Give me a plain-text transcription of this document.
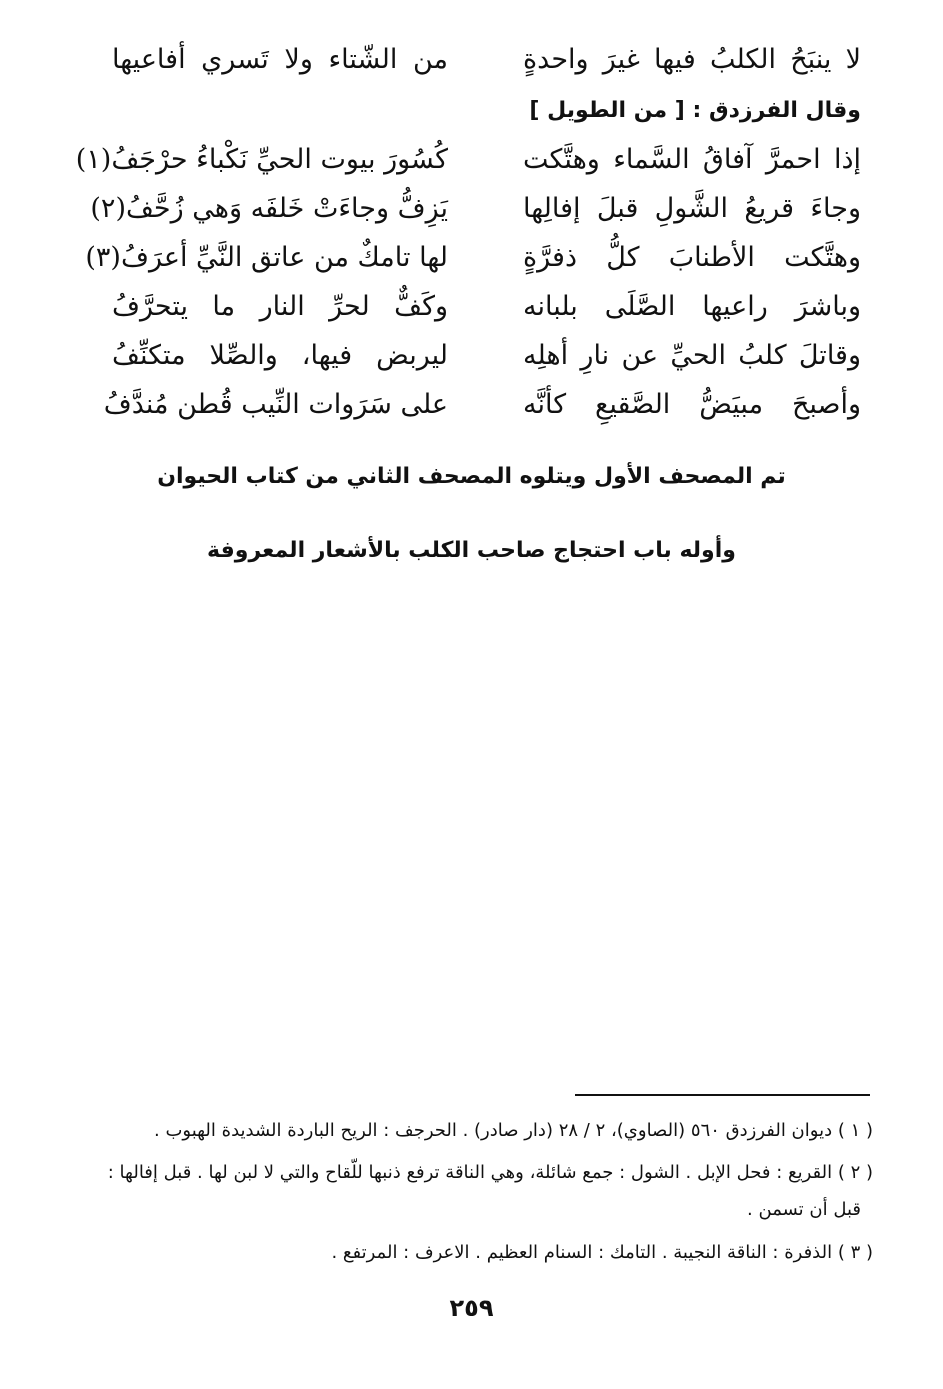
لا ينبَحُ الكلبُ فيها غيرَ واحدةٍ
من الشّتاء ولا تَسري أفاعيها
وقال الفرزدق : [ من الطويل ]
إذا احمرَّ آفاقُ السَّماء وهتَّكت
كُسُورَ بيوت الحيِّ نَكْباءُ حرْجَفُ(١)
وجاءَ قريعُ الشَّولِ قبلَ إفالِها
يَزِفُّ وجاءَتْ خَلفَه وَهي زُحَّفُ(٢)
وهتَّكت الأطنابَ كلُّ ذفرَّةٍ
لها تامكٌ من عاتق النَّيِّ أعرَفُ(٣)
وباشرَ راعيها الصَّلَى بلبانه
وكَفٌّ لحرِّ النار ما يتحرَّفُ
وقاتلَ كلبُ الحيِّ عن نارِ أهلِه
ليربض فيها، والصِّلا متكنِّفُ
وأصبحَ مبيَضُّ الصَّقيعِ كأنَّه
على سَرَوات النِّيب قُطن مُندَّفُ
تم المصحف الأول ويتلوه المصحف الثاني من كتاب الحيوان
وأوله باب احتجاج صاحب الكلب بالأشعار المعروفة
( ١ ) ديوان الفرزدق ٥٦٠ (الصاوي)، ٢ / ٢٨ (دار صادر) . الحرجف : الريح الباردة الشديدة الهبوب .
( ٢ ) القريع : فحل الإبل . الشول : جمع شائلة، وهي الناقة ترفع ذنبها للّقاح والتي لا لبن لها . قبل إفالها :
قبل أن تسمن .
( ٣ ) الذفرة : الناقة النجيبة . التامك : السنام العظيم . الاعرف : المرتفع .
٢٥٩
